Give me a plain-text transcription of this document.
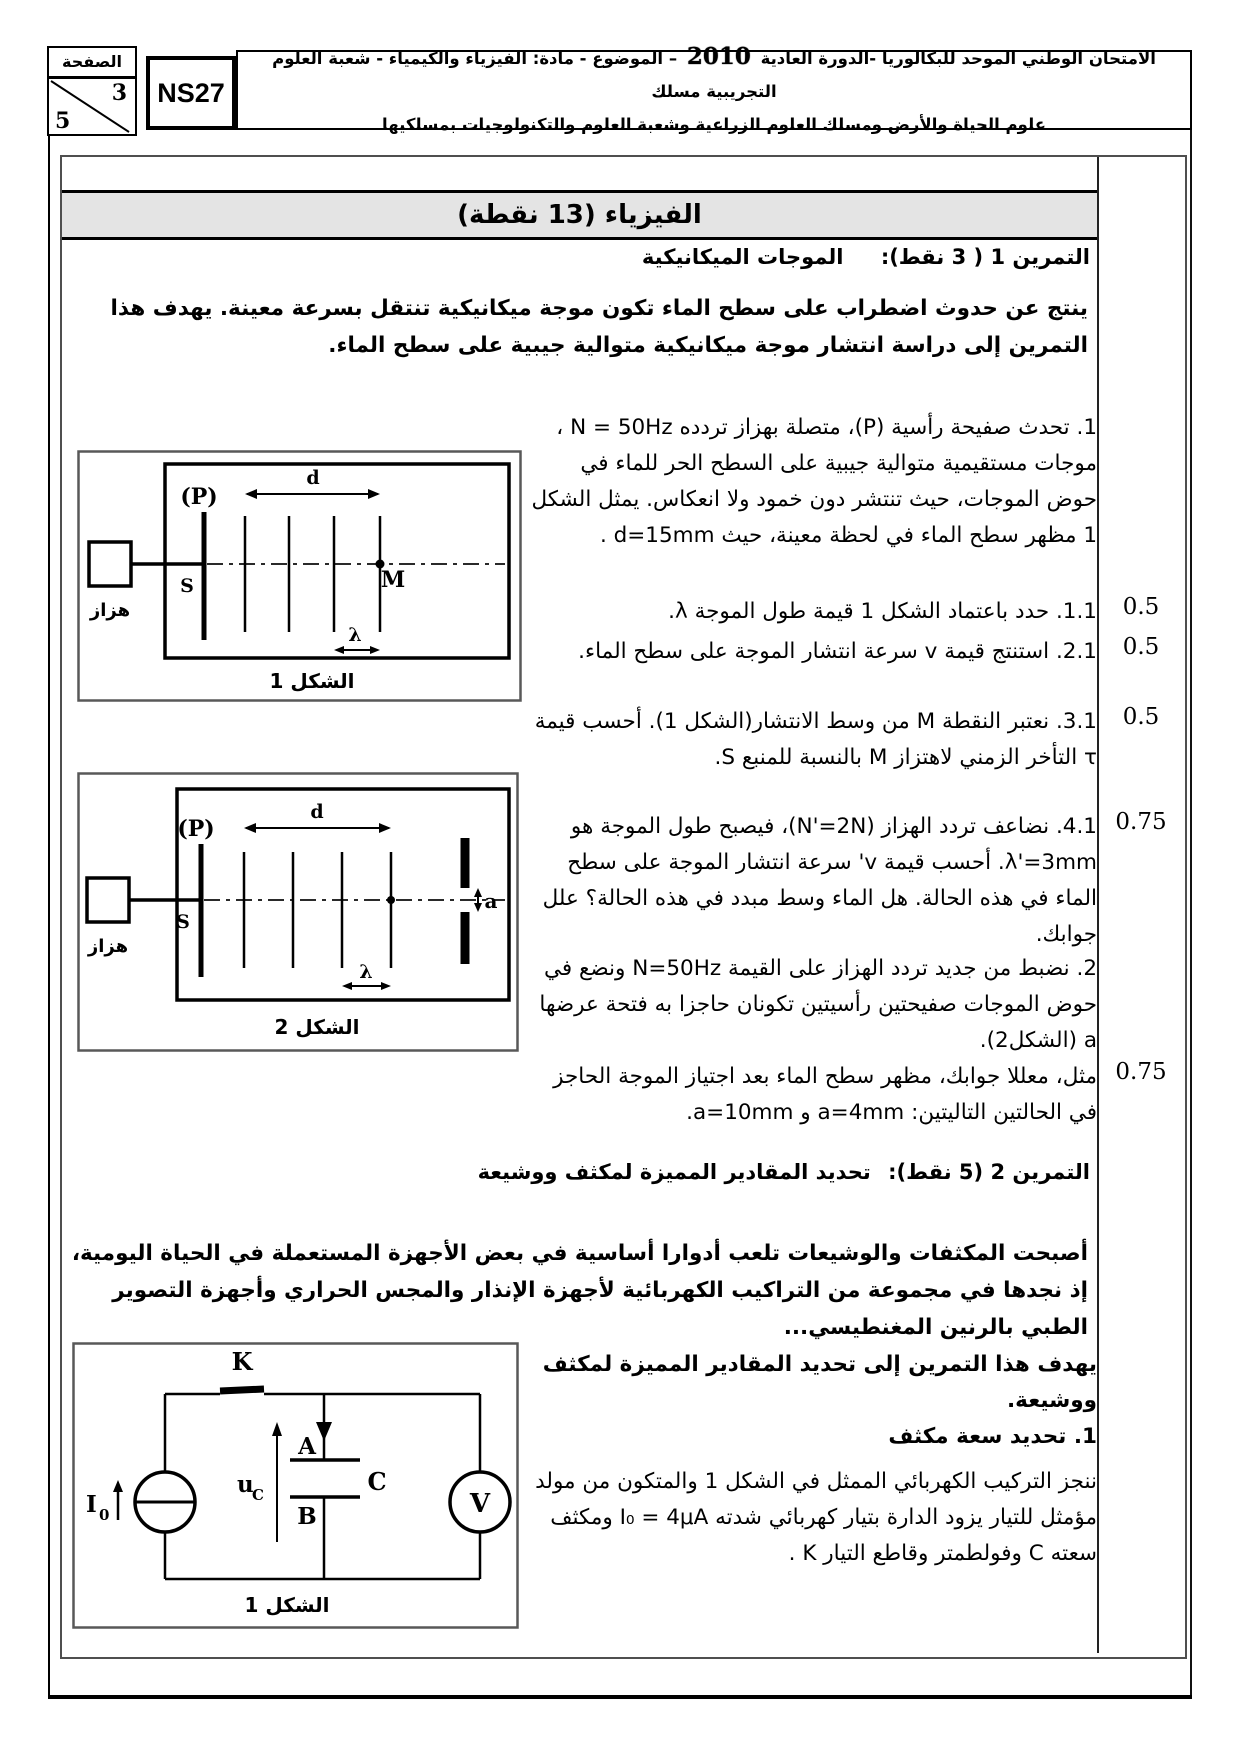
الصفحة
3
5
NS27
الامتحان الوطني الموحد للبكالوريا -الدورة العادية 2010 – الموضوع - مادة: الفيزياء والكيمياء - شعبة العلوم التجريبية مسلك
علوم الحياة والأرض ومسلك العلوم الزراعية وشعبة العلوم والتكنولوجيات بمسلكيها
الفيزياء (13 نقطة)
التمرين 1 ( 3 نقط): الموجات الميكانيكية

ينتج عن حدوث اضطراب على سطح الماء تكون موجة ميكانيكية تنتقل بسرعة معينة. يهدف هذا التمرين إلى دراسة انتشار موجة ميكانيكية متوالية جيبية على سطح الماء.

1. تحدث صفيحة رأسية (P)، متصلة بهزاز تردده N = 50Hz ، موجات مستقيمية متوالية جيبية على السطح الحر للماء في حوض الموجات، حيث تنتشر دون خمود ولا انعكاس. يمثل الشكل 1 مظهر سطح الماء في لحظة معينة، حيث d=15mm .

1.1. حدد باعتماد الشكل 1 قيمة طول الموجة λ.

2.1. استنتج قيمة v سرعة انتشار الموجة على سطح الماء.

3.1. نعتبر النقطة M من وسط الانتشار(الشكل 1). أحسب قيمة τ التأخر الزمني لاهتزاز M بالنسبة للمنبع S.

4.1. نضاعف تردد الهزاز (N'=2N)، فيصبح طول الموجة هو λ'=3mm. أحسب قيمة v' سرعة انتشار الموجة على سطح الماء في هذه الحالة. هل الماء وسط مبدد في هذه الحالة؟ علل جوابك.

2. نضبط من جديد تردد الهزاز على القيمة N=50Hz ونضع في حوض الموجات صفيحتين رأسيتين تكونان حاجزا به فتحة عرضها a (الشكل2).

مثل، معللا جوابك، مظهر سطح الماء بعد اجتياز الموجة الحاجز في الحالتين التاليتين: a=4mm و a=10mm.

0.5
0.5
0.5
0.75
0.75
هزاز
(P)
S
d
M
λ
الشكل 1
هزاز
(P)
S
d
λ
a
الشكل 2
التمرين 2 (5 نقط): تحديد المقادير المميزة لمكثف ووشيعة

أصبحت المكثفات والوشيعات تلعب أدوارا أساسية في بعض الأجهزة المستعملة في الحياة اليومية، إذ نجدها في مجموعة من التراكيب الكهربائية لأجهزة الإنذار والمجس الحراري وأجهزة التصوير الطبي بالرنين المغنطيسي...

يهدف هذا التمرين إلى تحديد المقادير المميزة لمكثف ووشيعة.

1. تحديد سعة مكثف

ننجز التركيب الكهربائي الممثل في الشكل 1 والمتكون من مولد مؤمثل للتيار يزود الدارة بتيار كهربائي شدته I₀ = 4μA ومكثف سعته C وفولطمتر وقاطع التيار K .

K
I 0
A
B
C
u
C	V
الشكل 1
